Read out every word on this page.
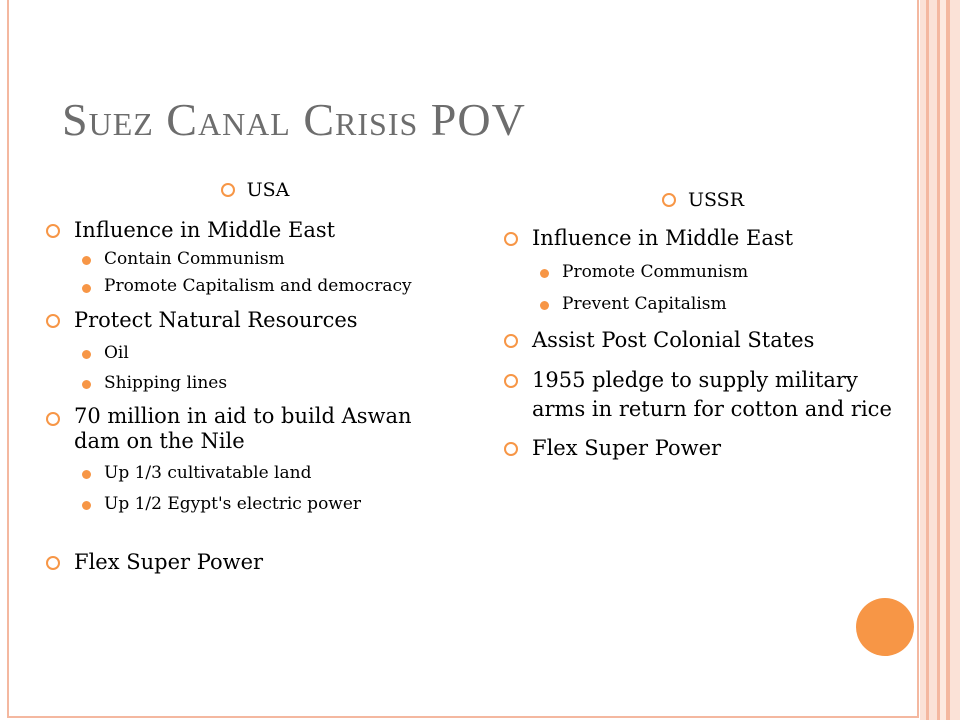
Suez Canal Crisis POV
USA
Influence in Middle East
Contain Communism
Promote Capitalism and democracy
Protect Natural Resources
Oil
Shipping lines
70 million in aid to build Aswan dam on the Nile
Up 1/3 cultivatable land
Up 1/2 Egypt's electric power
Flex Super Power
USSR
Influence in Middle East
Promote Communism
Prevent Capitalism
Assist Post Colonial States
1955 pledge to supply military arms in return for cotton and rice
Flex Super Power
